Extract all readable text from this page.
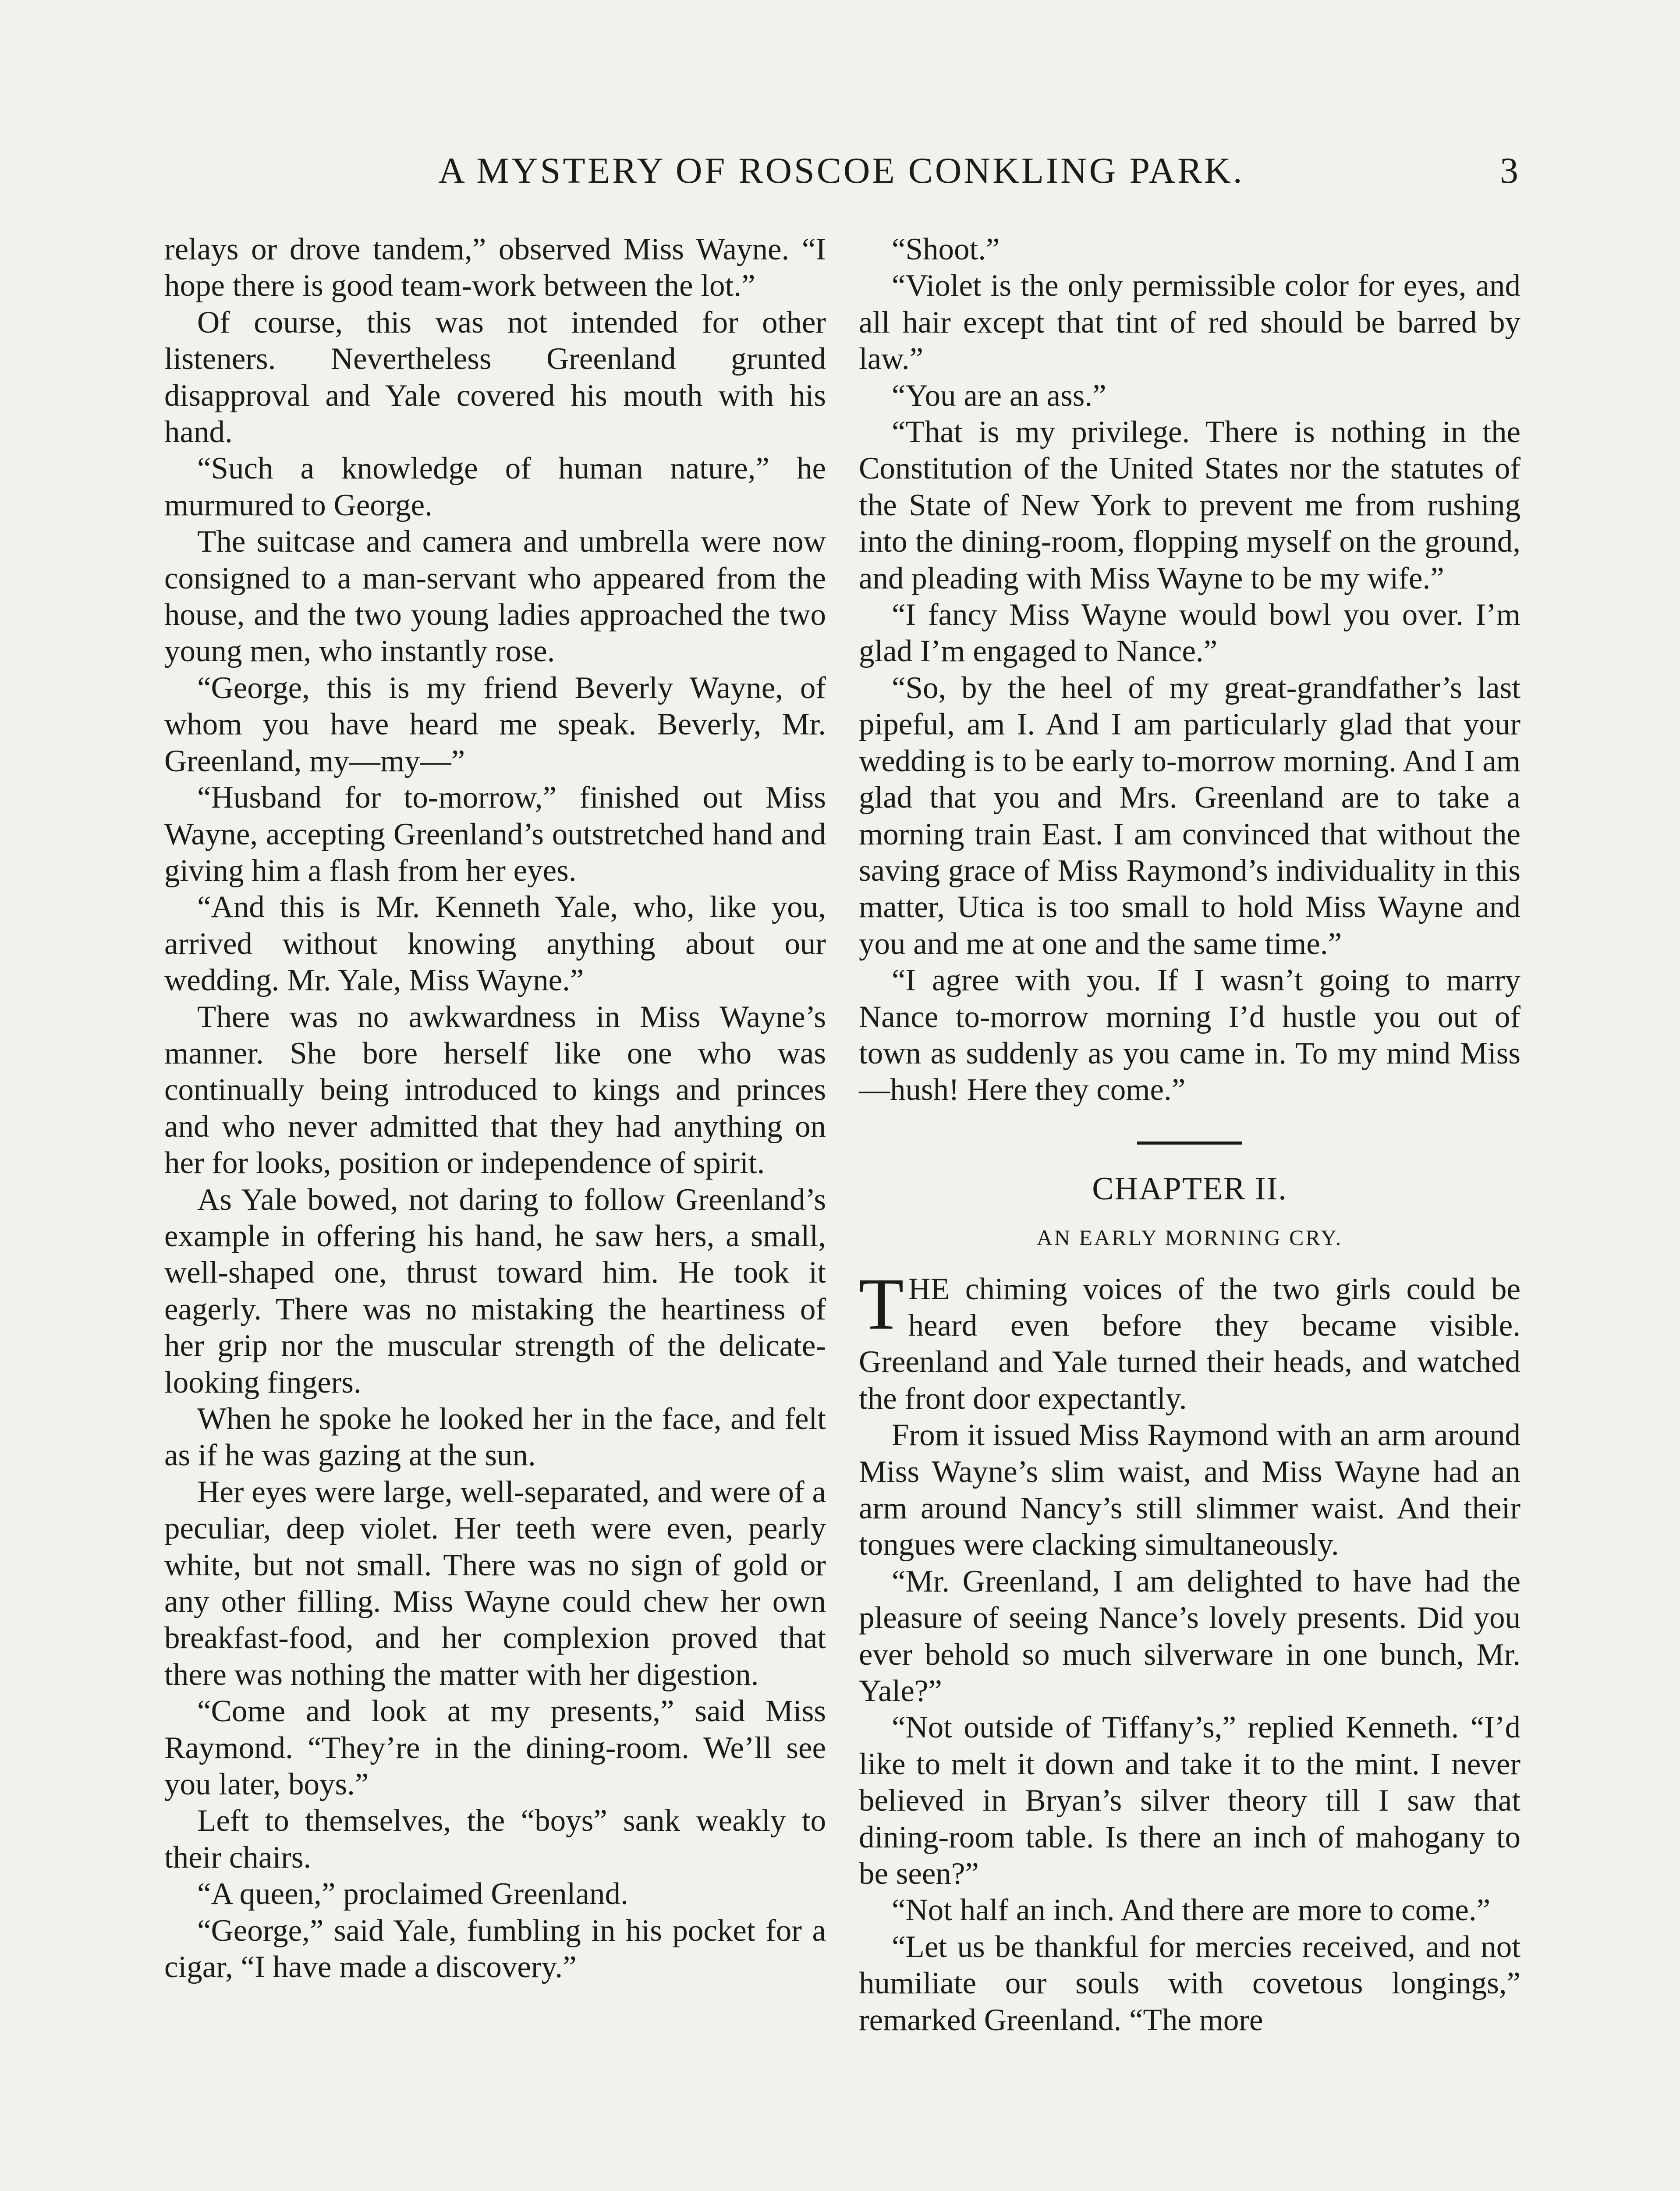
A MYSTERY OF ROSCOE CONKLING PARK.	3

relays or drove tandem,” observed Miss Wayne. “I hope there is good team-work between the lot.”

Of course, this was not intended for other listeners. Nevertheless Greenland grunted disapproval and Yale covered his mouth with his hand.

“Such a knowledge of human nature,” he murmured to George.

The suitcase and camera and umbrella were now consigned to a man-servant who appeared from the house, and the two young ladies approached the two young men, who instantly rose.

“George, this is my friend Beverly Wayne, of whom you have heard me speak. Beverly, Mr. Greenland, my—my—”

“Husband for to-morrow,” finished out Miss Wayne, accepting Greenland’s outstretched hand and giving him a flash from her eyes.

“And this is Mr. Kenneth Yale, who, like you, arrived without knowing anything about our wedding. Mr. Yale, Miss Wayne.”

There was no awkwardness in Miss Wayne’s manner. She bore herself like one who was continually being introduced to kings and princes and who never admitted that they had anything on her for looks, position or independence of spirit.

As Yale bowed, not daring to follow Greenland’s example in offering his hand, he saw hers, a small, well-shaped one, thrust toward him. He took it eagerly. There was no mistaking the heartiness of her grip nor the muscular strength of the delicate-looking fingers.

When he spoke he looked her in the face, and felt as if he was gazing at the sun.

Her eyes were large, well-separated, and were of a peculiar, deep violet. Her teeth were even, pearly white, but not small. There was no sign of gold or any other filling. Miss Wayne could chew her own breakfast-food, and her complexion proved that there was nothing the matter with her digestion.

“Come and look at my presents,” said Miss Raymond. “They’re in the dining-room. We’ll see you later, boys.”

Left to themselves, the “boys” sank weakly to their chairs.

“A queen,” proclaimed Greenland.

“George,” said Yale, fumbling in his pocket for a cigar, “I have made a discovery.”

“Shoot.”

“Violet is the only permissible color for eyes, and all hair except that tint of red should be barred by law.”

“You are an ass.”

“That is my privilege. There is nothing in the Constitution of the United States nor the statutes of the State of New York to prevent me from rushing into the dining-room, flopping myself on the ground, and pleading with Miss Wayne to be my wife.”

“I fancy Miss Wayne would bowl you over. I’m glad I’m engaged to Nance.”

“So, by the heel of my great-grandfather’s last pipeful, am I. And I am particularly glad that your wedding is to be early to-morrow morning. And I am glad that you and Mrs. Greenland are to take a morning train East. I am convinced that without the saving grace of Miss Raymond’s individuality in this matter, Utica is too small to hold Miss Wayne and you and me at one and the same time.”

“I agree with you. If I wasn’t going to marry Nance to-morrow morning I’d hustle you out of town as suddenly as you came in. To my mind Miss—hush! Here they come.”

CHAPTER II.
AN EARLY MORNING CRY.

THE chiming voices of the two girls could be heard even before they became visible. Greenland and Yale turned their heads, and watched the front door expectantly.

From it issued Miss Raymond with an arm around Miss Wayne’s slim waist, and Miss Wayne had an arm around Nancy’s still slimmer waist. And their tongues were clacking simultaneously.

“Mr. Greenland, I am delighted to have had the pleasure of seeing Nance’s lovely presents. Did you ever behold so much silverware in one bunch, Mr. Yale?”

“Not outside of Tiffany’s,” replied Kenneth. “I’d like to melt it down and take it to the mint. I never believed in Bryan’s silver theory till I saw that dining-room table. Is there an inch of mahogany to be seen?”

“Not half an inch. And there are more to come.”

“Let us be thankful for mercies received, and not humiliate our souls with covetous longings,” remarked Greenland. “The more
